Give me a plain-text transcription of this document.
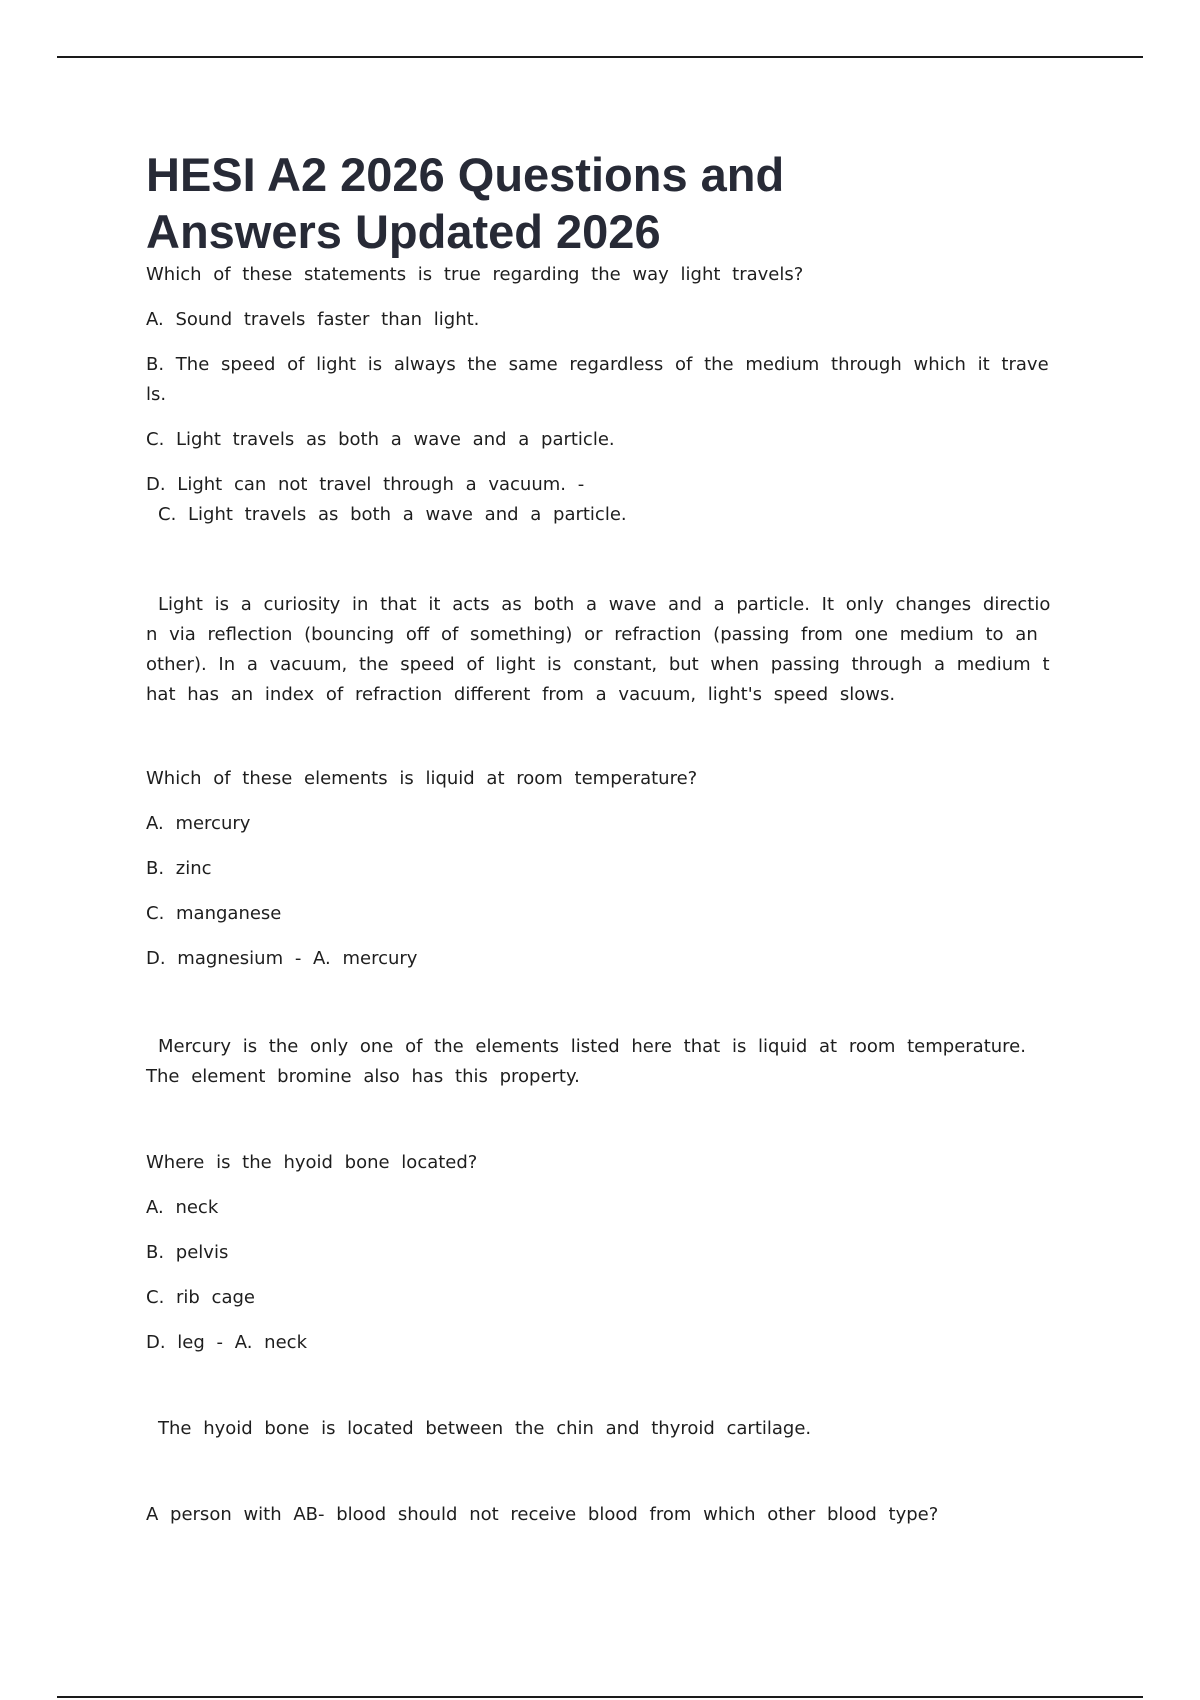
HESI A2 2026 Questions and
Answers Updated 2026

Which of these statements is true regarding the way light travels?

A. Sound travels faster than light.

B. The speed of light is always the same regardless of the medium through which it trave ls.

C. Light travels as both a wave and a particle.

D. Light can not travel through a vacuum. -

C. Light travels as both a wave and a particle.

Light is a curiosity in that it acts as both a wave and a particle. It only changes directio n via reflection (bouncing off of something) or refraction (passing from one medium to an other). In a vacuum, the speed of light is constant, but when passing through a medium t hat has an index of refraction different from a vacuum, light's speed slows.

Which of these elements is liquid at room temperature?

A. mercury

B. zinc

C. manganese

D. magnesium - A. mercury

Mercury is the only one of the elements listed here that is liquid at room temperature. The element bromine also has this property.

Where is the hyoid bone located?

A. neck

B. pelvis

C. rib cage

D. leg - A. neck

The hyoid bone is located between the chin and thyroid cartilage.

A person with AB- blood should not receive blood from which other blood type?
